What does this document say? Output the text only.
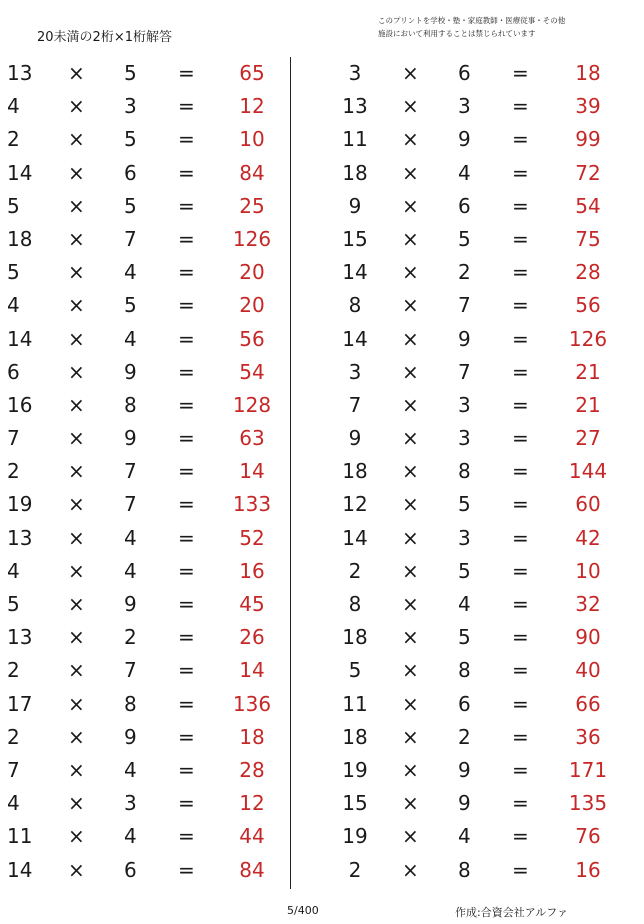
20未満の2桁×1桁解答
このプリントを学校・塾・家庭教師・医療従事・その他
施設において利用することは禁じられています
13 × 5 =	65
4 × 3 =	12
2 × 5 =	10
14 × 6 =	84
5 × 5 =	25
18 × 7 = 126
5 × 4 =	20
4 × 5 =	20
14 × 4 =	56
6 × 9 =	54
16 × 8 = 128
7 × 9 =	63
2 × 7 =	14
19 × 7 = 133
13 × 4 =	52
4 × 4 =	16
5 × 9 =	45
13 × 2 =	26
2 × 7 =	14
17 × 8 = 136
2 × 9 =	18
7 × 4 =	28
4 × 3 =	12
11 × 4 =	44
14 × 6 =	84
3	× 6 =	18
13 × 3 =	39
11 × 9 =	99
18 × 4 =	72
9	× 6 =	54
15 × 5 =	75
14 × 2 =	28
8	× 7 =	56
14 × 9 = 126
3	× 7 =	21
7	× 3 =	21
9	× 3 =	27
18 × 8 = 144
12 × 5 =	60
14 × 3 =	42
2	× 5 =	10
8	× 4 =	32
18 × 5 =	90
5	× 8 =	40
11 × 6 =	66
18 × 2 =	36
19 × 9 = 171
15 × 9 = 135
19 × 4 =	76
2	× 8 =	16
5/400	作成:合資会社アルファ
